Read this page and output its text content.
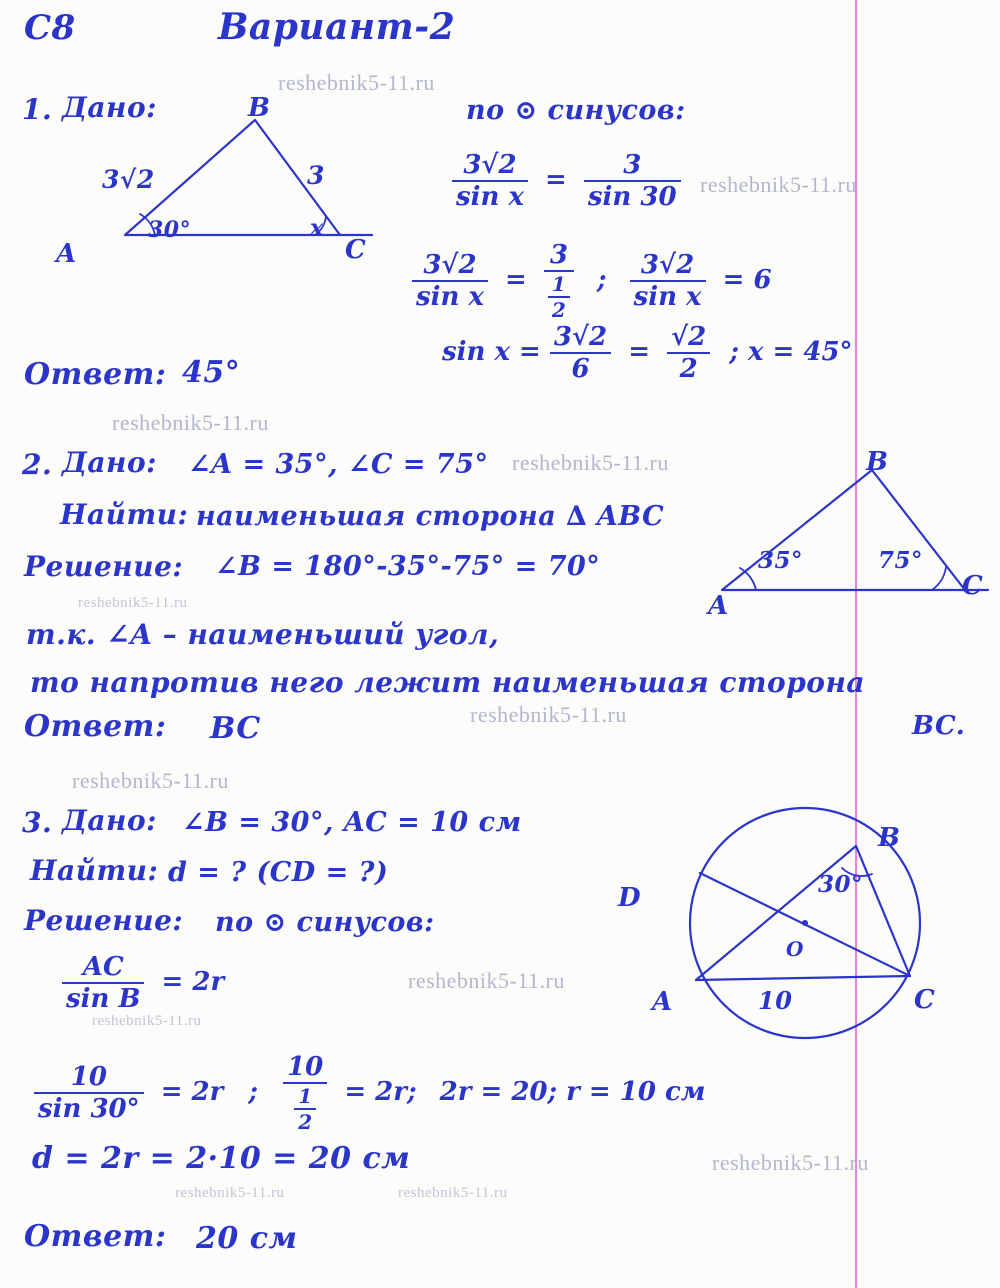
C8	Вариант-2
1. Дано:	B
A	C
3√2	3
30°	x
по ⊙ синусов:
$\frac{3√2}{\text{sin x}} = \frac{3}{\sin 30}$
$\frac{3√2}{\text{sin x}} = \frac{3}{\frac{1}{2}}$ ; $\frac{3√2}{\text{sin x}} = 6$
$\sin x = \frac{3√2}{6} = \frac{√2}{2}$ ; x = 45°
Ответ: 45°
2. Дано: ∠A = 35°, ∠C = 75°
Найти: наименьшая сторона ∆ ABC
Решение: ∠B = 180°-35°-75° = 70°
т.к. ∠A – наименьший угол,
то напротив него лежит наименьшая сторона
Ответ: BC	BC.
B
A
C
35°	75°
3. Дано: ∠B = 30°, AC = 10 см
Найти: d = ? (CD = ?)
Решение: по ⊙ синусов:
$\frac{AC}{\text{sin B}} = 2r$
$\frac{10}{\sin 30^\circ} = 2r$ ; $\frac{10}{\frac{1}{2}} = 2r$; 2r = 20; r = 10 см
d = 2r = 2·10 = 20 см
Ответ: 20 см
B
D
A	C
O
30°
10
reshebnik5-11.ru
reshebnik5-11.ru
reshebnik5-11.ru
reshebnik5-11.ru
reshebnik5-11.ru
reshebnik5-11.ru
reshebnik5-11.ru
reshebnik5-11.ru
reshebnik5-11.ru
reshebnik5-11.ru
reshebnik5-11.ru	reshebnik5-11.ru
